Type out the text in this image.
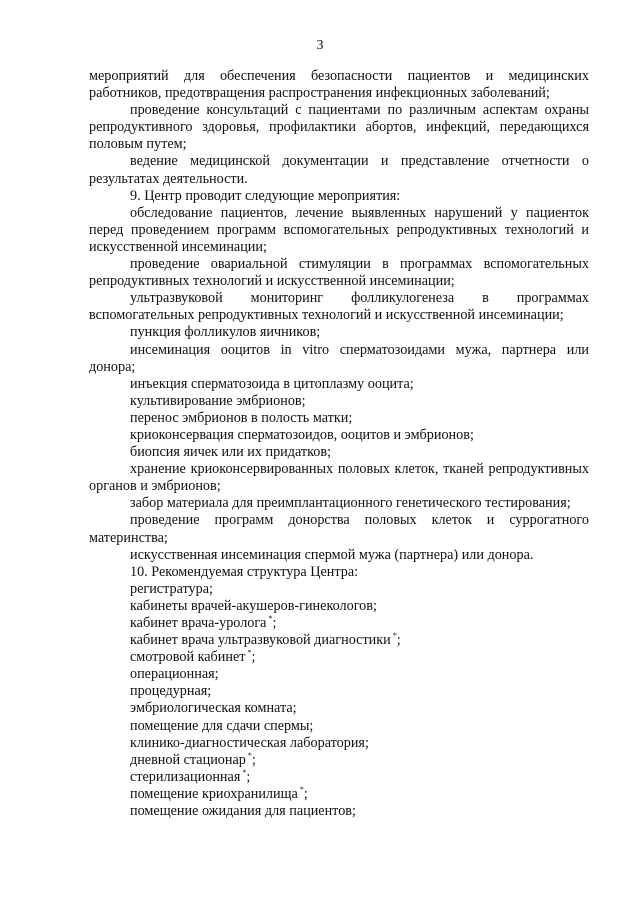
3

мероприятий для обеспечения безопасности пациентов и медицинских работников, предотвращения распространения инфекционных заболеваний;

проведение консультаций с пациентами по различным аспектам охраны репродуктивного здоровья, профилактики абортов, инфекций, передающихся половым путем;

ведение медицинской документации и представление отчетности о результатах деятельности.

9. Центр проводит следующие мероприятия:

обследование пациентов, лечение выявленных нарушений у пациенток перед проведением программ вспомогательных репродуктивных технологий и искусственной инсеминации;

проведение овариальной стимуляции в программах вспомогательных репродуктивных технологий и искусственной инсеминации;

ультразвуковой мониторинг фолликулогенеза в программах вспомогательных репродуктивных технологий и искусственной инсеминации;

пункция фолликулов яичников;

инсеминация ооцитов in vitro сперматозоидами мужа, партнера или донора;

инъекция сперматозоида в цитоплазму ооцита;

культивирование эмбрионов;

перенос эмбрионов в полость матки;

криоконсервация сперматозоидов, ооцитов и эмбрионов;

биопсия яичек или их придатков;

хранение криоконсервированных половых клеток, тканей репродуктивных органов и эмбрионов;

забор материала для преимплантационного генетического тестирования;

проведение программ донорства половых клеток и суррогатного материнства;

искусственная инсеминация спермой мужа (партнера) или донора.

10. Рекомендуемая структура Центра:

регистратура;

кабинеты врачей-акушеров-гинекологов;

кабинет врача-уролога *;

кабинет врача ультразвуковой диагностики *;

смотровой кабинет *;

операционная;

процедурная;

эмбриологическая комната;

помещение для сдачи спермы;

клинико-диагностическая лаборатория;

дневной стационар *;

стерилизационная *;

помещение криохранилища *;

помещение ожидания для пациентов;
